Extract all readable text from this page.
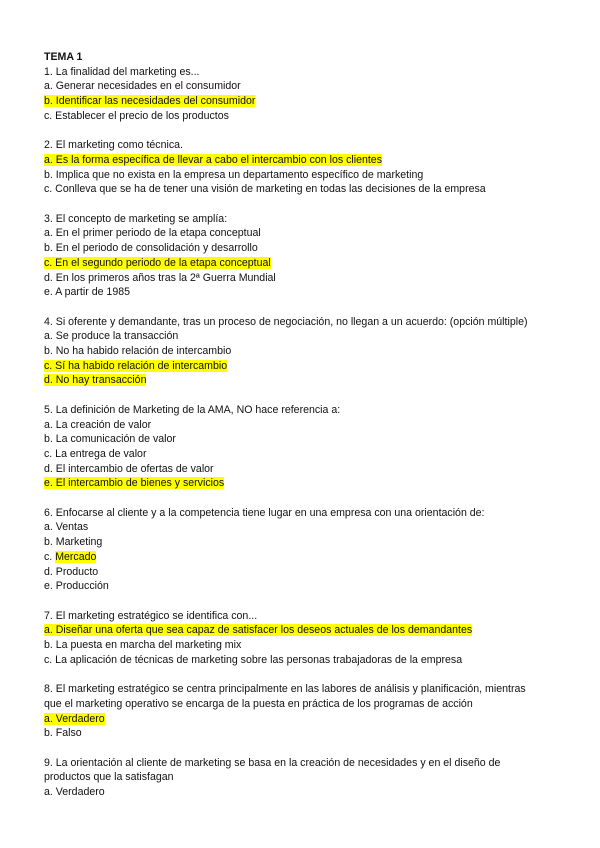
TEMA 1
1. La finalidad del marketing es...
a. Generar necesidades en el consumidor
b. Identificar las necesidades del consumidor
c. Establecer el precio de los productos
2. El marketing como técnica.
a. Es la forma específica de llevar a cabo el intercambio con los clientes
b. Implica que no exista en la empresa un departamento específico de marketing
c. Conlleva que se ha de tener una visión de marketing en todas las decisiones de la empresa
3. El concepto de marketing se amplía:
a. En el primer periodo de la etapa conceptual
b. En el periodo de consolidación y desarrollo
c. En el segundo periodo de la etapa conceptual
d. En los primeros años tras la 2ª Guerra Mundial
e. A partir de 1985
4. Si oferente y demandante, tras un proceso de negociación, no llegan a un acuerdo: (opción múltiple)
a. Se produce la transacción
b. No ha habido relación de intercambio
c. Sí ha habido relación de intercambio
d. No hay transacción
5. La definición de Marketing de la AMA, NO hace referencia a:
a. La creación de valor
b. La comunicación de valor
c. La entrega de valor
d. El intercambio de ofertas de valor
e. El intercambio de bienes y servicios
6. Enfocarse al cliente y a la competencia tiene lugar en una empresa con una orientación de:
a. Ventas
b. Marketing
c. Mercado
d. Producto
e. Producción
7. El marketing estratégico se identifica con...
a. Diseñar una oferta que sea capaz de satisfacer los deseos actuales de los demandantes
b. La puesta en marcha del marketing mix
c. La aplicación de técnicas de marketing sobre las personas trabajadoras de la empresa
8. El marketing estratégico se centra principalmente en las labores de análisis y planificación, mientras
que el marketing operativo se encarga de la puesta en práctica de los programas de acción
a. Verdadero
b. Falso
9. La orientación al cliente de marketing se basa en la creación de necesidades y en el diseño de
productos que la satisfagan
a. Verdadero
